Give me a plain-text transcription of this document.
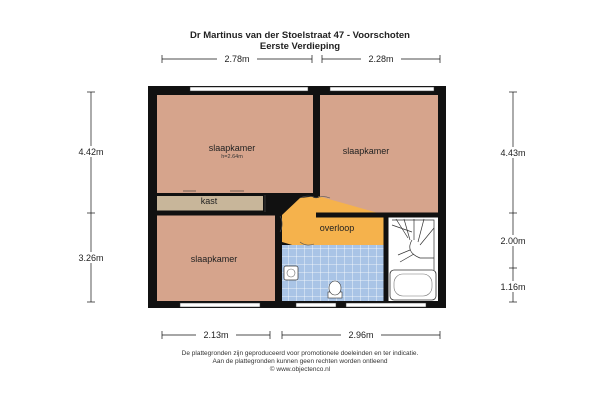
Dr Martinus van der Stoelstraat 47 - Voorschoten
Eerste Verdieping
slaapkamer
h=2.64m
slaapkamer
kast
slaapkamer
overloop
2.78m	2.28m
4.42m
3.26m
4.43m
2.00m
1.16m
2.13m	2.96m
De plattegronden zijn geproduceerd voor promotionele doeleinden en ter indicatie.
Aan de plattegronden kunnen geen rechten worden ontleend
© www.objectenco.nl
